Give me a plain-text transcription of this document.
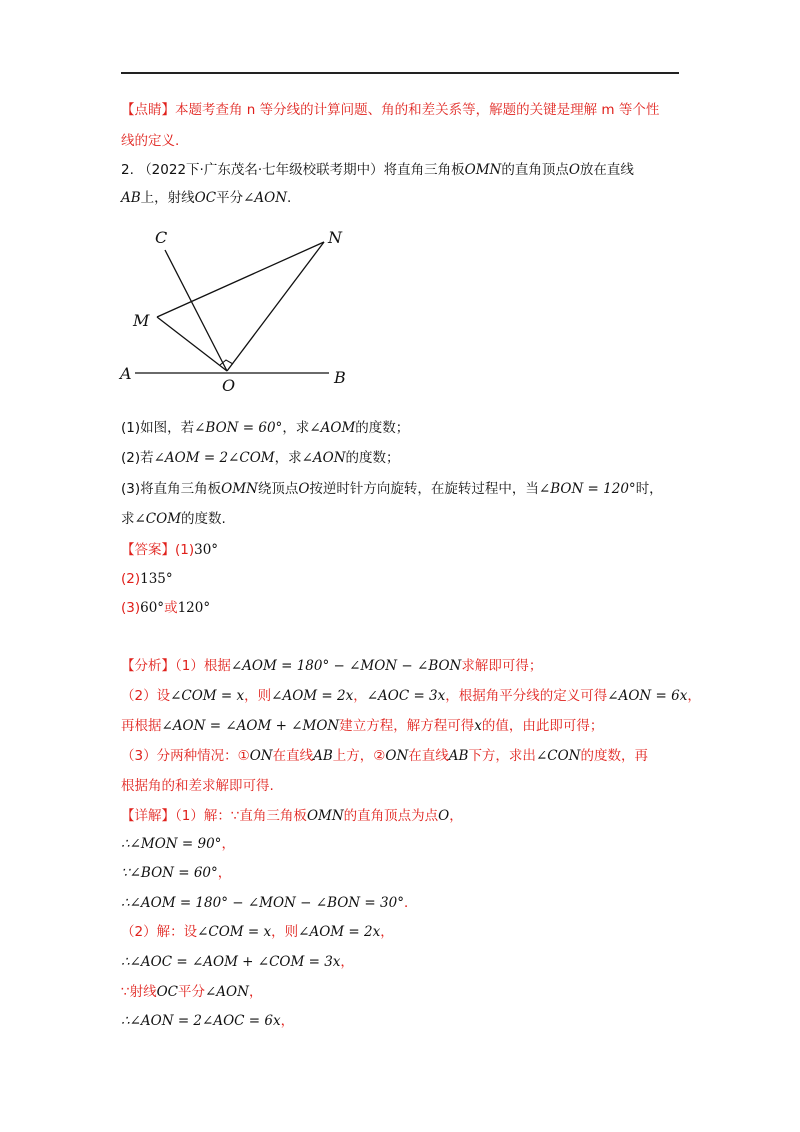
【点睛】本题考查角 n 等分线的计算问题、角的和差关系等，解题的关键是理解 m 等个性
线的定义.
2. （2022下·广东茂名·七年级校联考期中）将直角三角板OMN的直角顶点O放在直线
AB上，射线OC平分∠AON.
C	N
M
A
O	B
(1)如图，若∠BON = 60°，求∠AOM的度数；
(2)若∠AOM = 2∠COM，求∠AON的度数；
(3)将直角三角板OMN绕顶点O按逆时针方向旋转，在旋转过程中，当∠BON = 120°时，
求∠COM的度数.
【答案】(1)30°
(2)135°
(3)60°或120°
【分析】（1）根据∠AOM = 180° − ∠MON − ∠BON求解即可得；
（2）设∠COM = x，则∠AOM = 2x，∠AOC = 3x，根据角平分线的定义可得∠AON = 6x，
再根据∠AON = ∠AOM + ∠MON建立方程，解方程可得x的值，由此即可得；
（3）分两种情况：①ON在直线AB上方，②ON在直线AB下方，求出∠CON的度数，再
根据角的和差求解即可得.
【详解】（1）解：∵直角三角板OMN的直角顶点为点O，
∴∠MON = 90°，
∵∠BON = 60°，
∴∠AOM = 180° − ∠MON − ∠BON = 30°．
（2）解：设∠COM = x，则∠AOM = 2x，
∴∠AOC = ∠AOM + ∠COM = 3x，
∵射线OC平分∠AON，
∴∠AON = 2∠AOC = 6x，
